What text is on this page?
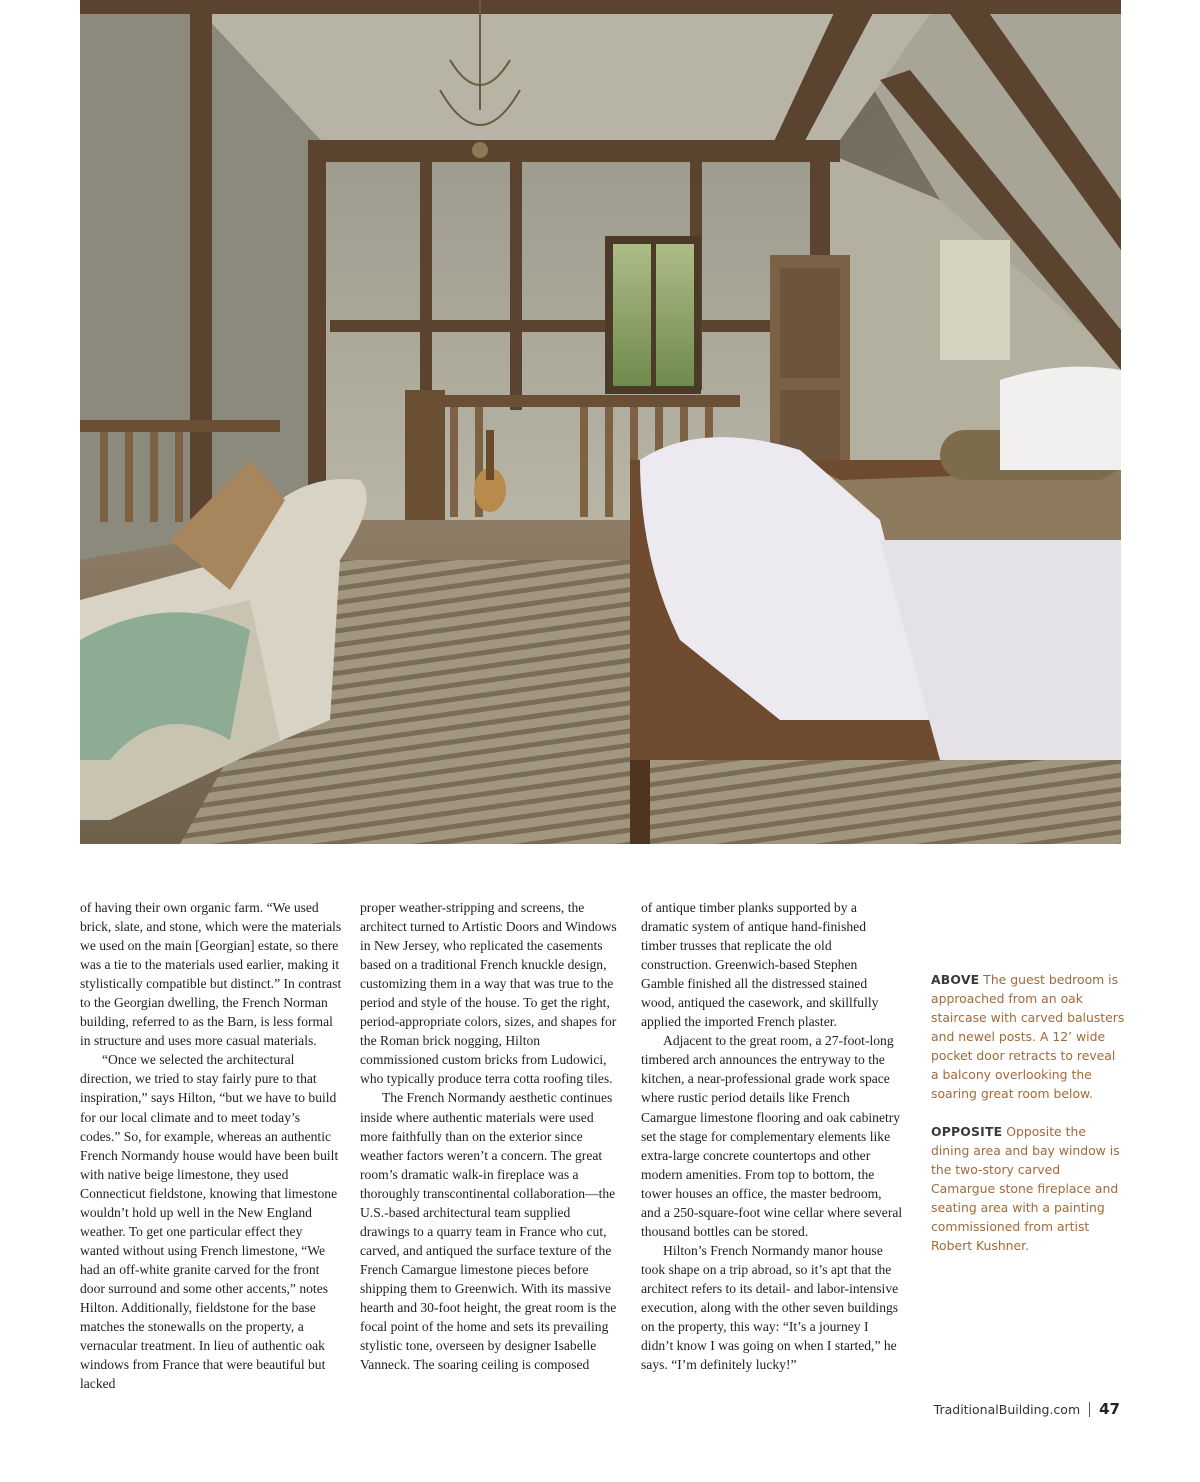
of having their own organic farm. “We used brick, slate, and stone, which were the materials we used on the main [Georgian] estate, so there was a tie to the materials used earlier, making it stylistically compatible but distinct.” In contrast to the Georgian dwelling, the French Norman building, referred to as the Barn, is less formal in structure and uses more casual materials.

“Once we selected the architectural direction, we tried to stay fairly pure to that inspiration,” says Hilton, “but we have to build for our local climate and to meet today’s codes.” So, for example, whereas an authentic French Normandy house would have been built with native beige limestone, they used Connecticut fieldstone, knowing that limestone wouldn’t hold up well in the New England weather. To get one particular effect they wanted without using French limestone, “We had an off-white granite carved for the front door surround and some other accents,” notes Hilton. Additionally, fieldstone for the base matches the stonewalls on the property, a vernacular treatment. In lieu of authentic oak windows from France that were beautiful but lacked

proper weather-stripping and screens, the architect turned to Artistic Doors and Windows in New Jersey, who replicated the casements based on a traditional French knuckle design, customizing them in a way that was true to the period and style of the house. To get the right, period-appropriate colors, sizes, and shapes for the Roman brick nogging, Hilton commissioned custom bricks from Ludowici, who typically produce terra cotta roofing tiles.

The French Normandy aesthetic continues inside where authentic materials were used more faithfully than on the exterior since weather factors weren’t a concern. The great room’s dramatic walk-in fireplace was a thoroughly transcontinental collaboration—the U.S.-based architectural team supplied drawings to a quarry team in France who cut, carved, and antiqued the surface texture of the French Camargue limestone pieces before shipping them to Greenwich. With its massive hearth and 30-foot height, the great room is the focal point of the home and sets its prevailing stylistic tone, overseen by designer Isabelle Vanneck. The soaring ceiling is composed

of antique timber planks supported by a dramatic system of antique hand-finished timber trusses that replicate the old construction. Greenwich-based Stephen Gamble finished all the distressed stained wood, antiqued the casework, and skillfully applied the imported French plaster.

Adjacent to the great room, a 27-foot-long timbered arch announces the entryway to the kitchen, a near-professional grade work space where rustic period details like French Camargue limestone flooring and oak cabinetry set the stage for complementary elements like extra-large concrete countertops and other modern amenities. From top to bottom, the tower houses an office, the master bedroom, and a 250-square-foot wine cellar where several thousand bottles can be stored.

Hilton’s French Normandy manor house took shape on a trip abroad, so it’s apt that the architect refers to its detail- and labor-intensive execution, along with the other seven buildings on the property, this way: “It’s a journey I didn’t know I was going on when I started,” he says. “I’m definitely lucky!”

ABOVE The guest bedroom is approached from an oak staircase with carved balusters and newel posts. A 12’ wide pocket door retracts to reveal a balcony overlooking the soaring great room below.
OPPOSITE Opposite the dining area and bay window is the two-story carved Camargue stone fireplace and seating area with a painting commissioned from artist Robert Kushner.
TraditionalBuilding.com 47
